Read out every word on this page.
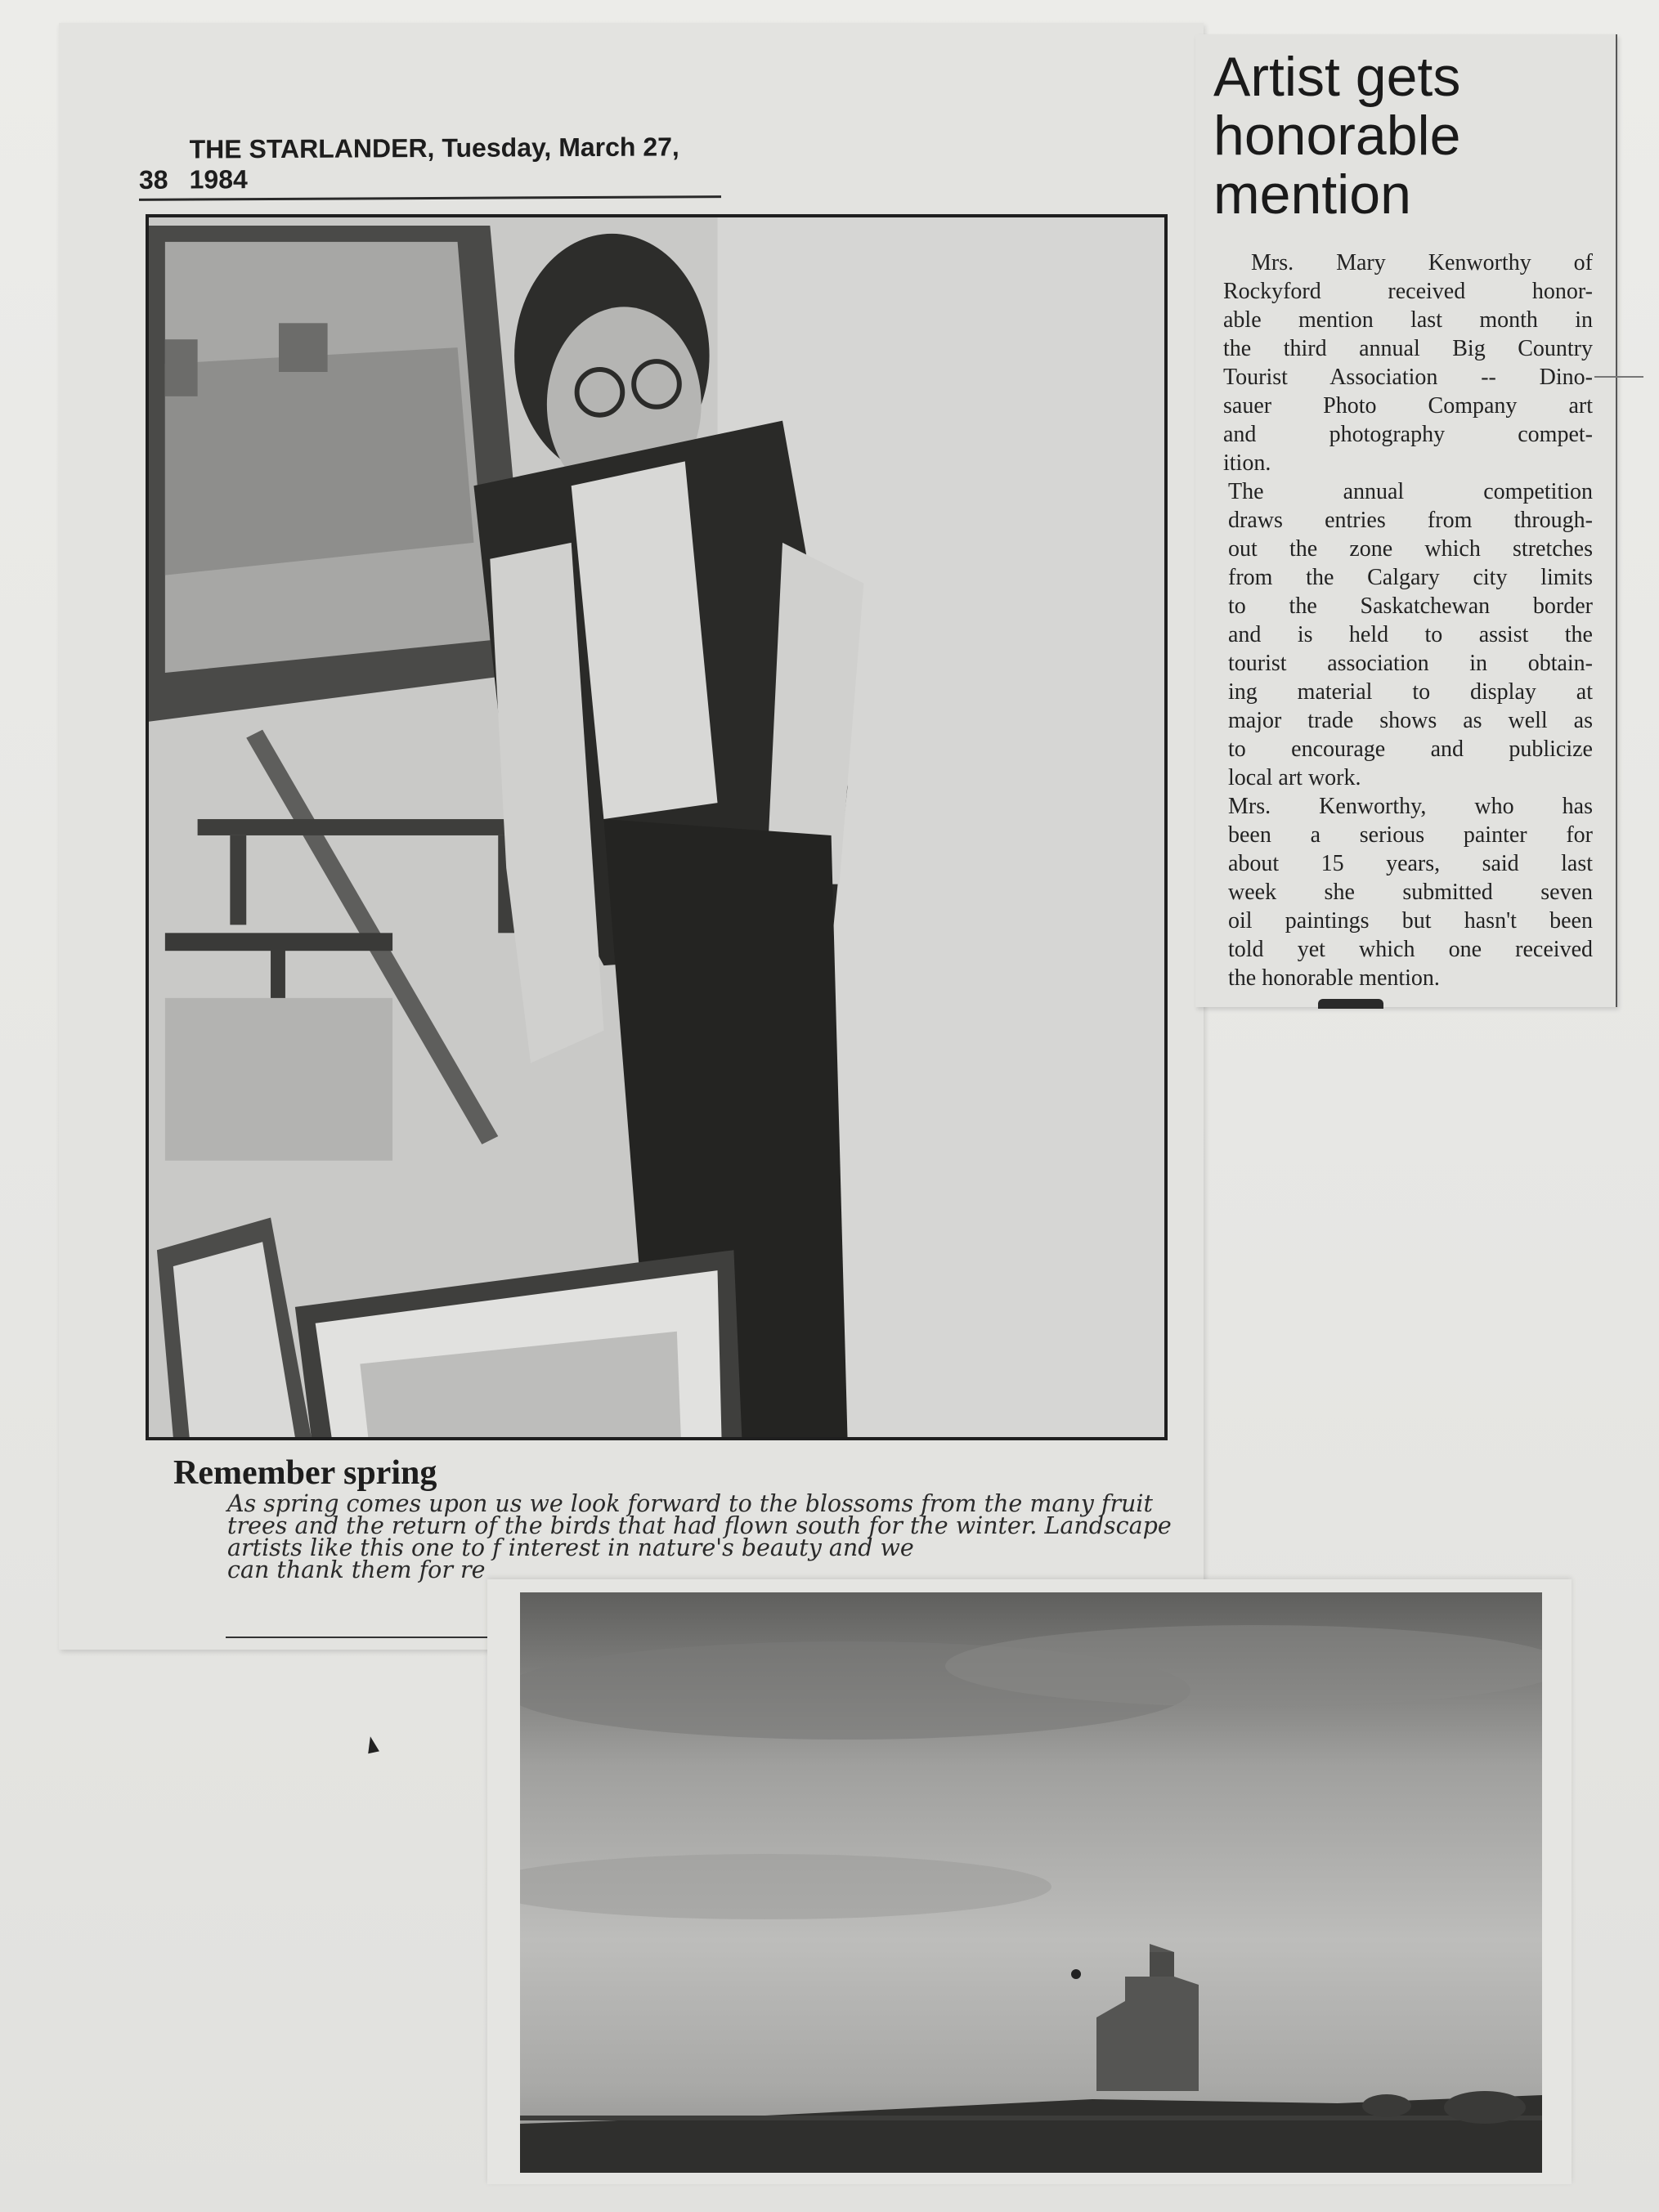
38
THE STARLANDER, Tuesday, March 27, 1984
Remember spring
As spring comes upon us we look forward to the blossoms from the many fruit
trees and the return of the birds that had flown south for the winter. Landscape
artists like this one to f interest in nature's beauty and we
can thank them for re
Artist gets
honorable
mention
Mrs. Mary Kenworthy of
Rockyford received honor-
able mention last month in
the third annual Big Country
Tourist Association -- Dino-
sauer Photo Company art
and photography compet-
ition.
The annual competition
draws entries from through-
out the zone which stretches
from the Calgary city limits
to the Saskatchewan border
and is held to assist the
tourist association in obtain-
ing material to display at
major trade shows as well as
to encourage and publicize
local art work.
Mrs. Kenworthy, who has
been a serious painter for
about 15 years, said last
week she submitted seven
oil paintings but hasn't been
told yet which one received
the honorable mention.
